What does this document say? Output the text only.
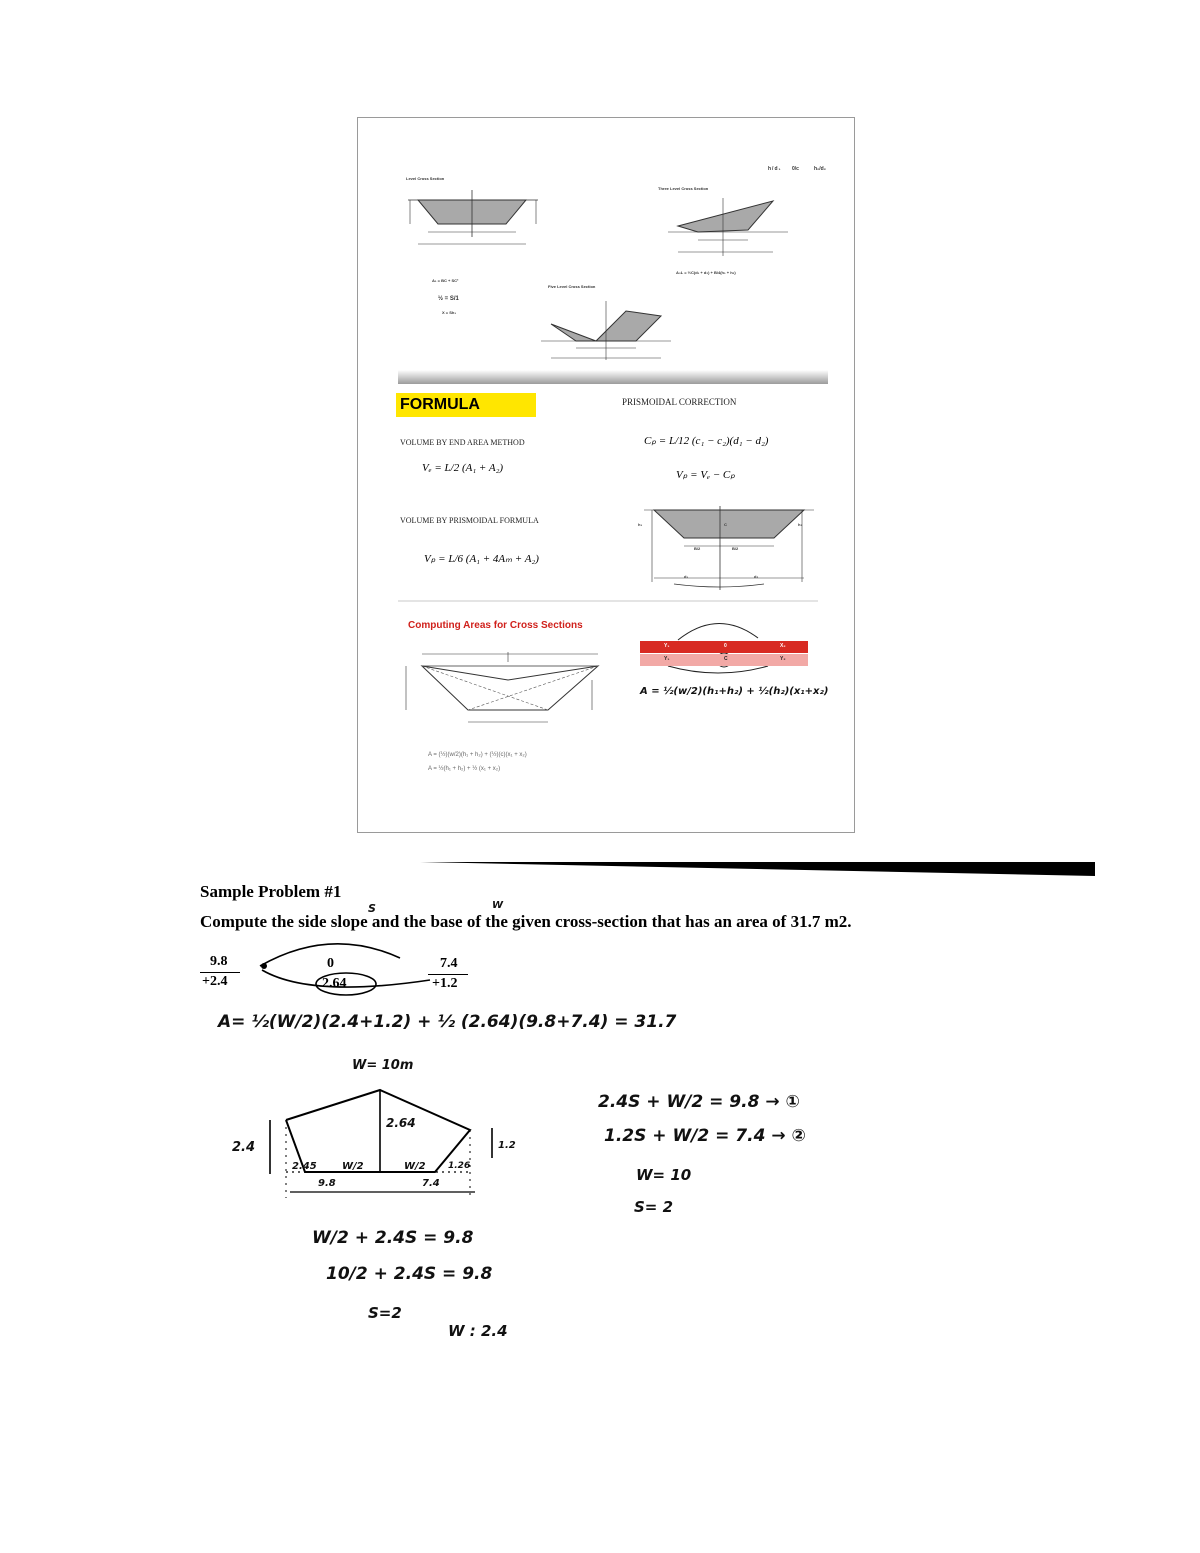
Level Cross Section
A₁ = BC + SC²
½ = S/1
X = Sh₁
h/d₁ 0/c	h₂/d₂
Three Level Cross Section
A₃L = ½C(d₁ + d₂) + B/4(h₁ + h₂)
Five Level Cross Section
FORMULA	PRISMOIDAL CORRECTION
VOLUME BY END AREA METHOD
Vₑ = L/2 (A₁ + A₂)
Cₚ = L/12 (c₁ − c₂)(d₁ − d₂)
Vₚ = Vₑ − Cₚ
VOLUME BY PRISMOIDAL FORMULA
Vₚ = L/6 (A₁ + 4Aₘ + A₂)
B/2	B/2
C
h₁	h₂
d₁	d₂
Computing Areas for Cross Sections
Y₁	0	X₂
Y₁	C	Y₂
A = ½(w/2)(h₁+h₂) + ½(h₂)(x₁+x₂)
A = (½)(w/2)(h₁ + h₂) + (½)(c)(x₁ + x₂)
A = ½(h₁ + h₂) + ½ (x₁ + x₂)
Sample Problem #1
Compute the side slope and the base of the given cross-section that has an area of 31.7 m2.
S	W
9.8
+2.4
0
2.64
7.4
+1.2
A= ½(W/2)(2.4+1.2) + ½ (2.64)(9.8+7.4) = 31.7
W= 10m
2.4
2.64
1.2
2.45	W/2	W/2 1.26
9.8	7.4
W/2 + 2.4S = 9.8
10/2 + 2.4S = 9.8
S=2
W : 2.4
2.4S + W/2 = 9.8 → ①
1.2S + W/2 = 7.4 → ②
W= 10
S= 2
